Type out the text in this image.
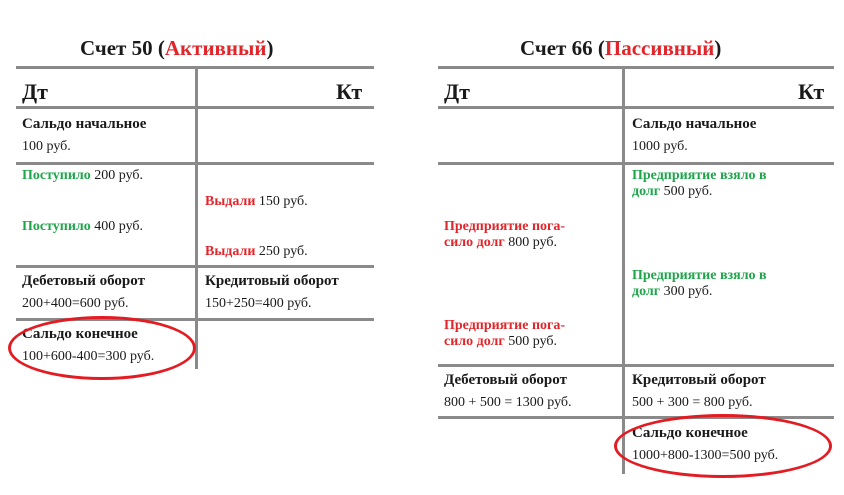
Счет 50 (Активный)
Дт	Кт
Сальдо начальное
100 руб.
Поступило 200 руб.
Выдали 150 руб.
Поступило 400 руб.
Выдали 250 руб.
Дебетовый оборот
200+400=600 руб.
Кредитовый оборот
150+250=400 руб.
Сальдо конечное
100+600-400=300 руб.
Счет 66 (Пассивный)
Дт	Кт
Сальдо начальное
1000 руб.
Предприятие взяло в
долг 500 руб.
Предприятие пога-
сило долг 800 руб.
Предприятие взяло в
долг 300 руб.
Предприятие пога-
сило долг 500 руб.
Дебетовый оборот
800 + 500 = 1300 руб.
Кредитовый оборот
500 + 300 = 800 руб.
Сальдо конечное
1000+800-1300=500 руб.
